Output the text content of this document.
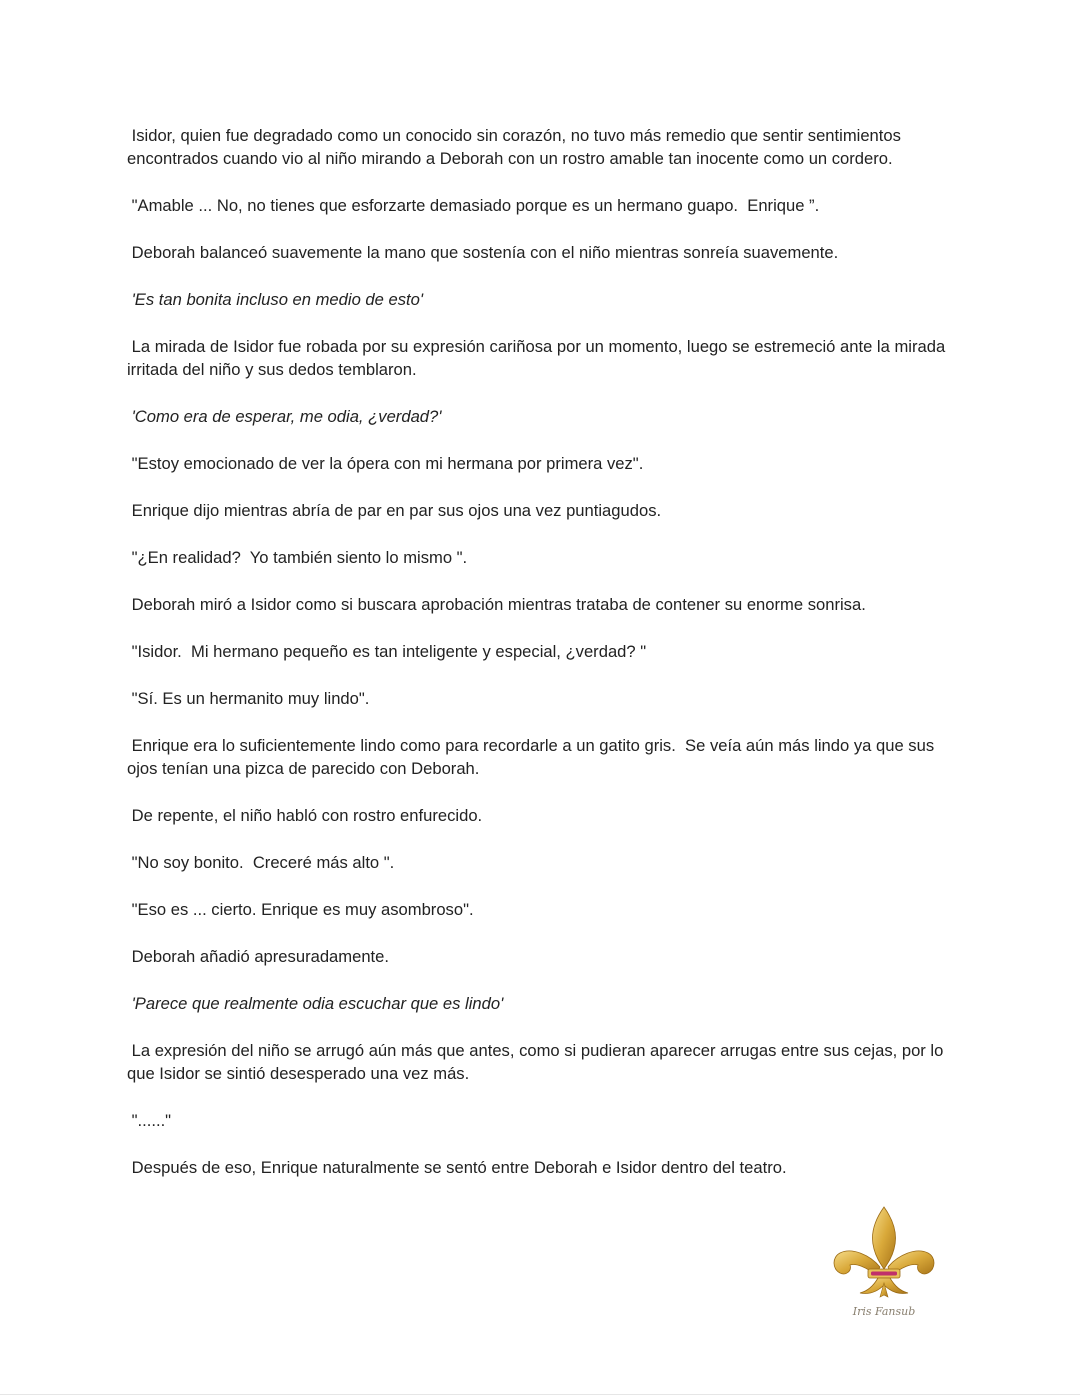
Isidor, quien fue degradado como un conocido sin corazón, no tuvo más remedio que sentir sentimientos encontrados cuando vio al niño mirando a Deborah con un rostro amable tan inocente como un cordero.

"Amable ... No, no tienes que esforzarte demasiado porque es un hermano guapo.  Enrique ”.

Deborah balanceó suavemente la mano que sostenía con el niño mientras sonreía suavemente.

'Es tan bonita incluso en medio de esto'

La mirada de Isidor fue robada por su expresión cariñosa por un momento, luego se estremeció ante la mirada irritada del niño y sus dedos temblaron.

'Como era de esperar, me odia, ¿verdad?'

"Estoy emocionado de ver la ópera con mi hermana por primera vez".

Enrique dijo mientras abría de par en par sus ojos una vez puntiagudos.

"¿En realidad?  Yo también siento lo mismo ".

Deborah miró a Isidor como si buscara aprobación mientras trataba de contener su enorme sonrisa.

"Isidor.  Mi hermano pequeño es tan inteligente y especial, ¿verdad? "

"Sí. Es un hermanito muy lindo".

Enrique era lo suficientemente lindo como para recordarle a un gatito gris.  Se veía aún más lindo ya que sus ojos tenían una pizca de parecido con Deborah.

De repente, el niño habló con rostro enfurecido.

"No soy bonito.  Creceré más alto ".

"Eso es ... cierto. Enrique es muy asombroso".

Deborah añadió apresuradamente.

'Parece que realmente odia escuchar que es lindo'

La expresión del niño se arrugó aún más que antes, como si pudieran aparecer arrugas entre sus cejas, por lo que Isidor se sintió desesperado una vez más.

"......"

Después de eso, Enrique naturalmente se sentó entre Deborah e Isidor dentro del teatro.

Iris Fansub
